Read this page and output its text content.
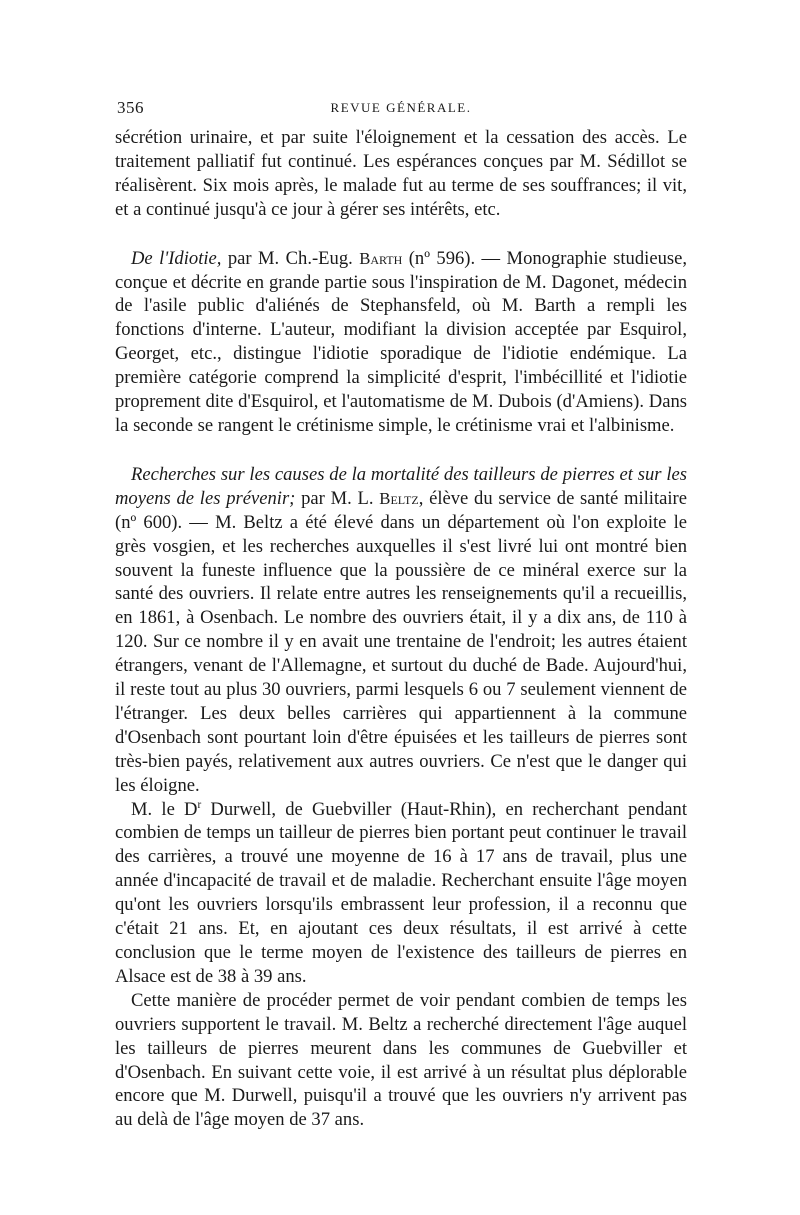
356	REVUE GÉNÉRALE.

sécrétion urinaire, et par suite l'éloignement et la cessation des accès. Le traitement palliatif fut continué. Les espérances conçues par M. Sédillot se réalisèrent. Six mois après, le malade fut au terme de ses souffrances; il vit, et a continué jusqu'à ce jour à gérer ses intérêts, etc.

De l'Idiotie, par M. Ch.-Eug. Barth (nº 596). — Monographie studieuse, conçue et décrite en grande partie sous l'inspiration de M. Dagonet, médecin de l'asile public d'aliénés de Stephansfeld, où M. Barth a rempli les fonctions d'interne. L'auteur, modifiant la division acceptée par Esquirol, Georget, etc., distingue l'idiotie sporadique de l'idiotie endémique. La première catégorie comprend la simplicité d'esprit, l'imbécillité et l'idiotie proprement dite d'Esquirol, et l'automatisme de M. Dubois (d'Amiens). Dans la seconde se rangent le crétinisme simple, le crétinisme vrai et l'albinisme.

Recherches sur les causes de la mortalité des tailleurs de pierres et sur les moyens de les prévenir; par M. L. Beltz, élève du service de santé militaire (nº 600). — M. Beltz a été élevé dans un département où l'on exploite le grès vosgien, et les recherches auxquelles il s'est livré lui ont montré bien souvent la funeste influence que la poussière de ce minéral exerce sur la santé des ouvriers. Il relate entre autres les renseignements qu'il a recueillis, en 1861, à Osenbach. Le nombre des ouvriers était, il y a dix ans, de 110 à 120. Sur ce nombre il y en avait une trentaine de l'endroit; les autres étaient étrangers, venant de l'Allemagne, et surtout du duché de Bade. Aujourd'hui, il reste tout au plus 30 ouvriers, parmi lesquels 6 ou 7 seulement viennent de l'étranger. Les deux belles carrières qui appartiennent à la commune d'Osenbach sont pourtant loin d'être épuisées et les tailleurs de pierres sont très-bien payés, relativement aux autres ouvriers. Ce n'est que le danger qui les éloigne.

M. le $D^r$ Durwell, de Guebviller (Haut-Rhin), en recherchant pendant combien de temps un tailleur de pierres bien portant peut continuer le travail des carrières, a trouvé une moyenne de 16 à 17 ans de travail, plus une année d'incapacité de travail et de maladie. Recherchant ensuite l'âge moyen qu'ont les ouvriers lorsqu'ils embrassent leur profession, il a reconnu que c'était 21 ans. Et, en ajoutant ces deux résultats, il est arrivé à cette conclusion que le terme moyen de l'existence des tailleurs de pierres en Alsace est de 38 à 39 ans.

Cette manière de procéder permet de voir pendant combien de temps les ouvriers supportent le travail. M. Beltz a recherché directement l'âge auquel les tailleurs de pierres meurent dans les communes de Guebviller et d'Osenbach. En suivant cette voie, il est arrivé à un résultat plus déplorable encore que M. Durwell, puisqu'il a trouvé que les ouvriers n'y arrivent pas au delà de l'âge moyen de 37 ans.
